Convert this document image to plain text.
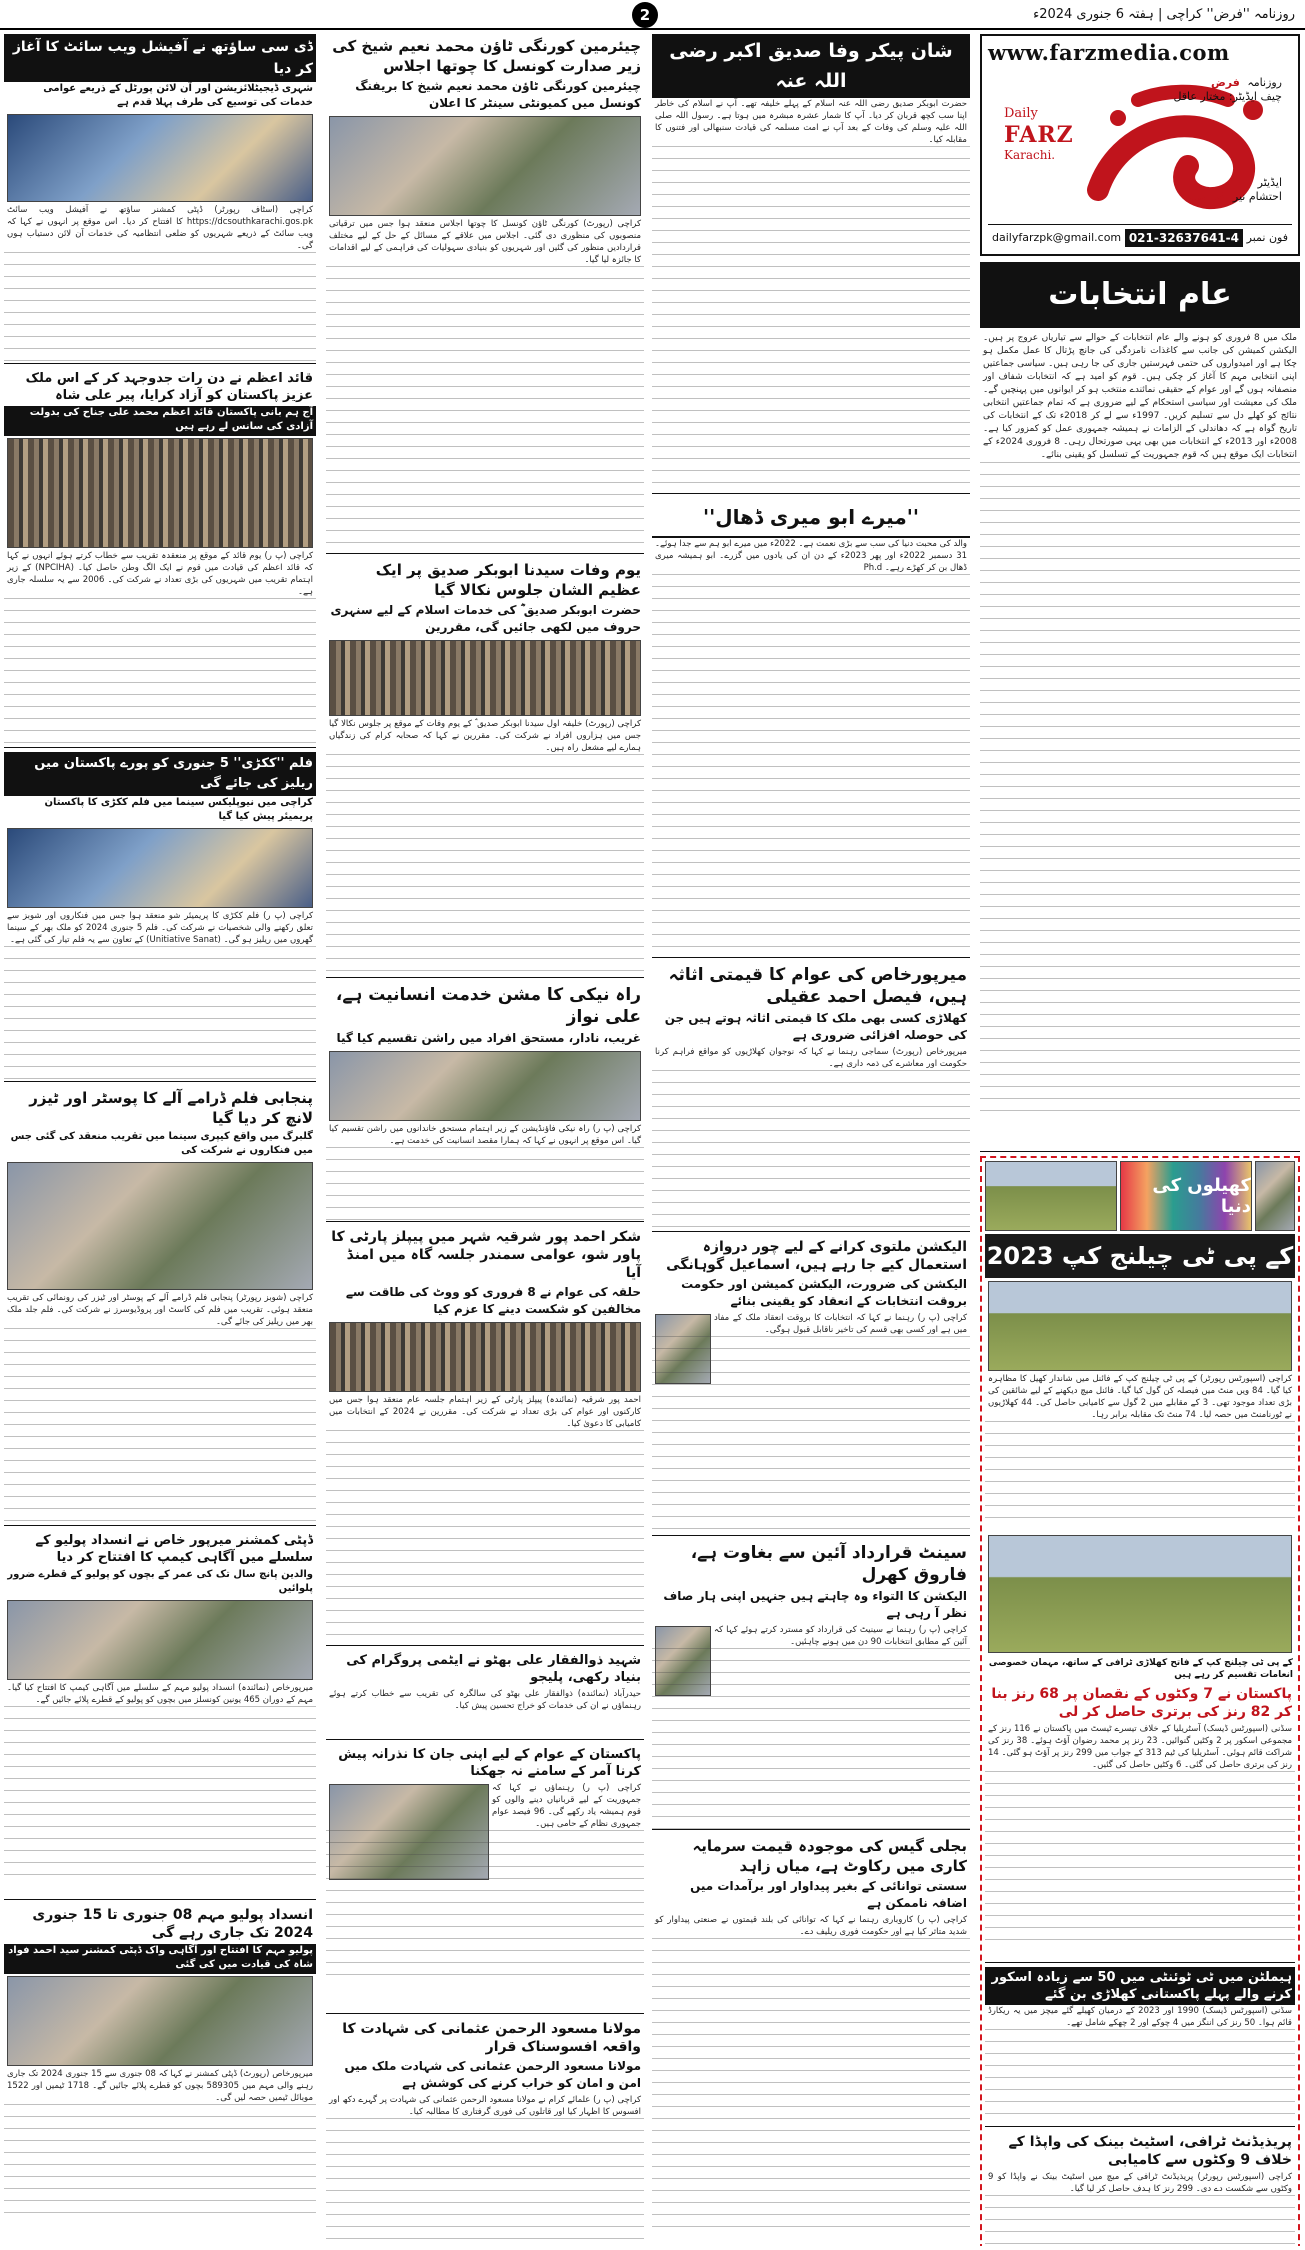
2	روزنامہ ''فرض'' کراچی | ہفتہ 6 جنوری 2024ء
www.farzmedia.com
Daily
FARZ
Karachi.
روزنامہ فرض
چیف ایڈیٹر: مختار عاقل
ایڈیٹر
احتشام نیر کراچی
dailyfarzpk@gmail.com 021-32637641-4 فون نمبر
عام انتخابات

ملک میں 8 فروری کو ہونے والے عام انتخابات کے حوالے سے تیاریاں عروج پر ہیں۔ الیکشن کمیشن کی جانب سے کاغذات نامزدگی کی جانچ پڑتال کا عمل مکمل ہو چکا ہے اور امیدواروں کی حتمی فہرستیں جاری کی جا رہی ہیں۔ سیاسی جماعتیں اپنی انتخابی مہم کا آغاز کر چکی ہیں۔ قوم کو امید ہے کہ انتخابات شفاف اور منصفانہ ہوں گے اور عوام کے حقیقی نمائندے منتخب ہو کر ایوانوں میں پہنچیں گے۔ ملک کی معیشت اور سیاسی استحکام کے لیے ضروری ہے کہ تمام جماعتیں انتخابی نتائج کو کھلے دل سے تسلیم کریں۔ 1997ء سے لے کر 2018ء تک کے انتخابات کی تاریخ گواہ ہے کہ دھاندلی کے الزامات نے ہمیشہ جمہوری عمل کو کمزور کیا ہے۔ 2008ء اور 2013ء کے انتخابات میں بھی یہی صورتحال رہی۔ 8 فروری 2024ء کے انتخابات ایک موقع ہیں کہ قوم جمہوریت کے تسلسل کو یقینی بنائے۔

کھیلوں کی دنیا
کے پی ٹی چیلنج کپ 2023

کراچی (اسپورٹس رپورٹر) کے پی ٹی چیلنج کپ کے فائنل میں شاندار کھیل کا مظاہرہ کیا گیا۔ 84 ویں منٹ میں فیصلہ کن گول کیا گیا۔ فائنل میچ دیکھنے کے لیے شائقین کی بڑی تعداد موجود تھی۔ 3 کے مقابلے میں 2 گول سے کامیابی حاصل کی۔ 44 کھلاڑیوں نے ٹورنامنٹ میں حصہ لیا۔ 74 منٹ تک مقابلہ برابر رہا۔

کے پی ٹی چیلنج کپ کے فاتح کھلاڑی ٹرافی کے ساتھ، مہمان خصوصی انعامات تقسیم کر رہے ہیں
پاکستان نے 7 وکٹوں کے نقصان پر 68 رنز بنا کر 82 رنز کی برتری حاصل کر لی

سڈنی (اسپورٹس ڈیسک) آسٹریلیا کے خلاف تیسرے ٹیسٹ میں پاکستان نے 116 رنز کے مجموعی اسکور پر 2 وکٹیں گنوائیں۔ 23 رنز پر محمد رضوان آؤٹ ہوئے۔ 38 رنز کی شراکت قائم ہوئی۔ آسٹریلیا کی ٹیم 313 کے جواب میں 299 رنز پر آؤٹ ہو گئی۔ 14 رنز کی برتری حاصل کی گئی۔ 6 وکٹیں حاصل کی گئیں۔

ہیملٹن میں ٹی ٹوئنٹی میں 50 سے زیادہ اسکور کرنے والے پہلے پاکستانی کھلاڑی بن گئے

سڈنی (اسپورٹس ڈیسک) 1990 اور 2023 کے درمیان کھیلے گئے میچز میں یہ ریکارڈ قائم ہوا۔ 50 رنز کی اننگز میں 4 چوکے اور 2 چھکے شامل تھے۔

پریذیڈنٹ ٹرافی، اسٹیٹ بینک کی واپڈا کے خلاف 9 وکٹوں سے کامیابی

کراچی (اسپورٹس رپورٹر) پریذیڈنٹ ٹرافی کے میچ میں اسٹیٹ بینک نے واپڈا کو 9 وکٹوں سے شکست دے دی۔ 299 رنز کا ہدف حاصل کر لیا گیا۔

شان پیکر وفا صدیق اکبر رضی اللہ عنہ

حضرت ابوبکر صدیق رضی اللہ عنہ اسلام کے پہلے خلیفہ تھے۔ آپ نے اسلام کی خاطر اپنا سب کچھ قربان کر دیا۔ آپ کا شمار عشرہ مبشرہ میں ہوتا ہے۔ رسول اللہ صلی اللہ علیہ وسلم کی وفات کے بعد آپ نے امت مسلمہ کی قیادت سنبھالی اور فتنوں کا مقابلہ کیا۔

''میرے ابو میری ڈھال''

والد کی محبت دنیا کی سب سے بڑی نعمت ہے۔ 2022ء میں میرے ابو ہم سے جدا ہوئے۔ 31 دسمبر 2022ء اور پھر 2023ء کے دن ان کی یادوں میں گزرے۔ ابو ہمیشہ میری ڈھال بن کر کھڑے رہے۔ Ph.d

میرپورخاص کی عوام کا قیمتی اثاثہ ہیں، فیصل احمد عقیلی
کھلاڑی کسی بھی ملک کا قیمتی اثاثہ ہوتے ہیں جن کی حوصلہ افزائی ضروری ہے

میرپورخاص (رپورٹ) سماجی رہنما نے کہا کہ نوجوان کھلاڑیوں کو مواقع فراہم کرنا حکومت اور معاشرے کی ذمہ داری ہے۔

الیکشن ملتوی کرانے کے لیے چور دروازہ استعمال کیے جا رہے ہیں، اسماعیل گوہانگی
الیکشن کی ضرورت، الیکشن کمیشن اور حکومت بروقت انتخابات کے انعقاد کو یقینی بنائے

کراچی (پ ر) رہنما نے کہا کہ انتخابات کا بروقت انعقاد ملک کے مفاد میں ہے اور کسی بھی قسم کی تاخیر ناقابل قبول ہوگی۔

سینٹ قرارداد آئین سے بغاوت ہے، فاروق کھرل
الیکشن کا التواء وہ چاہتے ہیں جنہیں اپنی ہار صاف نظر آ رہی ہے

کراچی (پ ر) رہنما نے سینیٹ کی قرارداد کو مسترد کرتے ہوئے کہا کہ آئین کے مطابق انتخابات 90 دن میں ہونے چاہئیں۔

بجلی گیس کی موجودہ قیمت سرمایہ کاری میں رکاوٹ ہے، میاں زاہد
سستی توانائی کے بغیر پیداوار اور برآمدات میں اضافہ ناممکن ہے

کراچی (پ ر) کاروباری رہنما نے کہا کہ توانائی کی بلند قیمتوں نے صنعتی پیداوار کو شدید متاثر کیا ہے اور حکومت فوری ریلیف دے۔

چیئرمین کورنگی ٹاؤن محمد نعیم شیخ کی زیر صدارت کونسل کا چوتھا اجلاس
چیئرمین کورنگی ٹاؤن محمد نعیم شیخ کا بریفنگ کونسل میں کمیونٹی سینٹر کا اعلان

کراچی (رپورٹ) کورنگی ٹاؤن کونسل کا چوتھا اجلاس منعقد ہوا جس میں ترقیاتی منصوبوں کی منظوری دی گئی۔ اجلاس میں علاقے کے مسائل کے حل کے لیے مختلف قراردادیں منظور کی گئیں اور شہریوں کو بنیادی سہولیات کی فراہمی کے لیے اقدامات کا جائزہ لیا گیا۔

یوم وفات سیدنا ابوبکر صدیق پر ایک عظیم الشان جلوس نکالا گیا
حضرت ابوبکر صدیق ؓ کی خدمات اسلام کے لیے سنہری حروف میں لکھی جائیں گی، مقررین

کراچی (رپورٹ) خلیفہ اول سیدنا ابوبکر صدیق ؓ کے یوم وفات کے موقع پر جلوس نکالا گیا جس میں ہزاروں افراد نے شرکت کی۔ مقررین نے کہا کہ صحابہ کرام کی زندگیاں ہمارے لیے مشعل راہ ہیں۔

راہ نیکی کا مشن خدمت انسانیت ہے، علی نواز
غریب، نادار، مستحق افراد میں راشن تقسیم کیا گیا

کراچی (پ ر) راہ نیکی فاؤنڈیشن کے زیر اہتمام مستحق خاندانوں میں راشن تقسیم کیا گیا۔ اس موقع پر انہوں نے کہا کہ ہمارا مقصد انسانیت کی خدمت ہے۔

شکر احمد پور شرقیہ شہر میں پیپلز پارٹی کا پاور شو، عوامی سمندر جلسہ گاہ میں امنڈ آیا
حلقہ کی عوام نے 8 فروری کو ووٹ کی طاقت سے مخالفین کو شکست دینے کا عزم کیا

احمد پور شرقیہ (نمائندہ) پیپلز پارٹی کے زیر اہتمام جلسہ عام منعقد ہوا جس میں کارکنوں اور عوام کی بڑی تعداد نے شرکت کی۔ مقررین نے 2024 کے انتخابات میں کامیابی کا دعویٰ کیا۔

شہید ذوالفقار علی بھٹو نے ایٹمی پروگرام کی بنیاد رکھی، پلیجو

حیدرآباد (نمائندہ) ذوالفقار علی بھٹو کی سالگرہ کی تقریب سے خطاب کرتے ہوئے رہنماؤں نے ان کی خدمات کو خراج تحسین پیش کیا۔

پاکستان کے عوام کے لیے اپنی جان کا نذرانہ پیش کرنا آمر کے سامنے نہ جھکنا

کراچی (پ ر) رہنماؤں نے کہا کہ جمہوریت کے لیے قربانیاں دینے والوں کو قوم ہمیشہ یاد رکھے گی۔ 96 فیصد عوام جمہوری نظام کے حامی ہیں۔

مولانا مسعود الرحمن عثمانی کی شہادت کا واقعہ افسوسناک قرار
مولانا مسعود الرحمن عثمانی کی شہادت ملک میں امن و امان کو خراب کرنے کی کوشش ہے

کراچی (پ ر) علمائے کرام نے مولانا مسعود الرحمن عثمانی کی شہادت پر گہرے دکھ اور افسوس کا اظہار کیا اور قاتلوں کی فوری گرفتاری کا مطالبہ کیا۔

ڈی سی ساؤتھ نے آفیشل ویب سائٹ کا آغاز کر دیا
شہری ڈیجیٹلائزیشن اور آن لائن پورٹل کے ذریعے عوامی خدمات کی توسیع کی طرف پہلا قدم ہے

کراچی (اسٹاف رپورٹر) ڈپٹی کمشنر ساؤتھ نے آفیشل ویب سائٹ https://dcsouthkarachi.gos.pk کا افتتاح کر دیا۔ اس موقع پر انہوں نے کہا کہ ویب سائٹ کے ذریعے شہریوں کو ضلعی انتظامیہ کی خدمات آن لائن دستیاب ہوں گی۔

قائد اعظم نے دن رات جدوجہد کر کے اس ملک عزیز پاکستان کو آزاد کرایا، پیر علی شاہ
آج ہم بانی پاکستان قائد اعظم محمد علی جناح کی بدولت آزادی کی سانس لے رہے ہیں

کراچی (پ ر) یوم قائد کے موقع پر منعقدہ تقریب سے خطاب کرتے ہوئے انہوں نے کہا کہ قائد اعظم کی قیادت میں قوم نے ایک الگ وطن حاصل کیا۔ (NPCIHA) کے زیر اہتمام تقریب میں شہریوں کی بڑی تعداد نے شرکت کی۔ 2006 سے یہ سلسلہ جاری ہے۔

فلم ''ککڑی'' 5 جنوری کو پورے پاکستان میں ریلیز کی جائے گی
کراچی میں نیوپلیکس سینما میں فلم ککڑی کا پاکستان پریمیئر پیش کیا گیا

کراچی (پ ر) فلم ککڑی کا پریمیئر شو منعقد ہوا جس میں فنکاروں اور شوبز سے تعلق رکھنے والی شخصیات نے شرکت کی۔ فلم 5 جنوری 2024 کو ملک بھر کے سینما گھروں میں ریلیز ہو گی۔ (Unitiative Sanat) کے تعاون سے یہ فلم تیار کی گئی ہے۔

پنجابی فلم ڈرامے آلے کا پوسٹر اور ٹیزر لانچ کر دیا گیا
گلبرگ میں واقع کیپری سینما میں تقریب منعقد کی گئی جس میں فنکاروں نے شرکت کی

کراچی (شوبز رپورٹر) پنجابی فلم ڈرامے آلے کے پوسٹر اور ٹیزر کی رونمائی کی تقریب منعقد ہوئی۔ تقریب میں فلم کی کاسٹ اور پروڈیوسرز نے شرکت کی۔ فلم جلد ملک بھر میں ریلیز کی جائے گی۔

ڈپٹی کمشنر میرپور خاص نے انسداد پولیو کے سلسلے میں آگاہی کیمپ کا افتتاح کر دیا
والدین پانچ سال تک کی عمر کے بچوں کو پولیو کے قطرے ضرور پلوائیں

میرپورخاص (نمائندہ) انسداد پولیو مہم کے سلسلے میں آگاہی کیمپ کا افتتاح کیا گیا۔ مہم کے دوران 465 یونین کونسلز میں بچوں کو پولیو کے قطرے پلائے جائیں گے۔

انسداد پولیو مہم 08 جنوری تا 15 جنوری 2024 تک جاری رہے گی
پولیو مہم کا افتتاح اور آگاہی واک ڈپٹی کمشنر سید احمد فواد شاہ کی قیادت میں کی گئی

میرپورخاص (رپورٹ) ڈپٹی کمشنر نے کہا کہ 08 جنوری سے 15 جنوری 2024 تک جاری رہنے والی مہم میں 589305 بچوں کو قطرے پلائے جائیں گے۔ 1718 ٹیمیں اور 1522 موبائل ٹیمیں حصہ لیں گی۔
